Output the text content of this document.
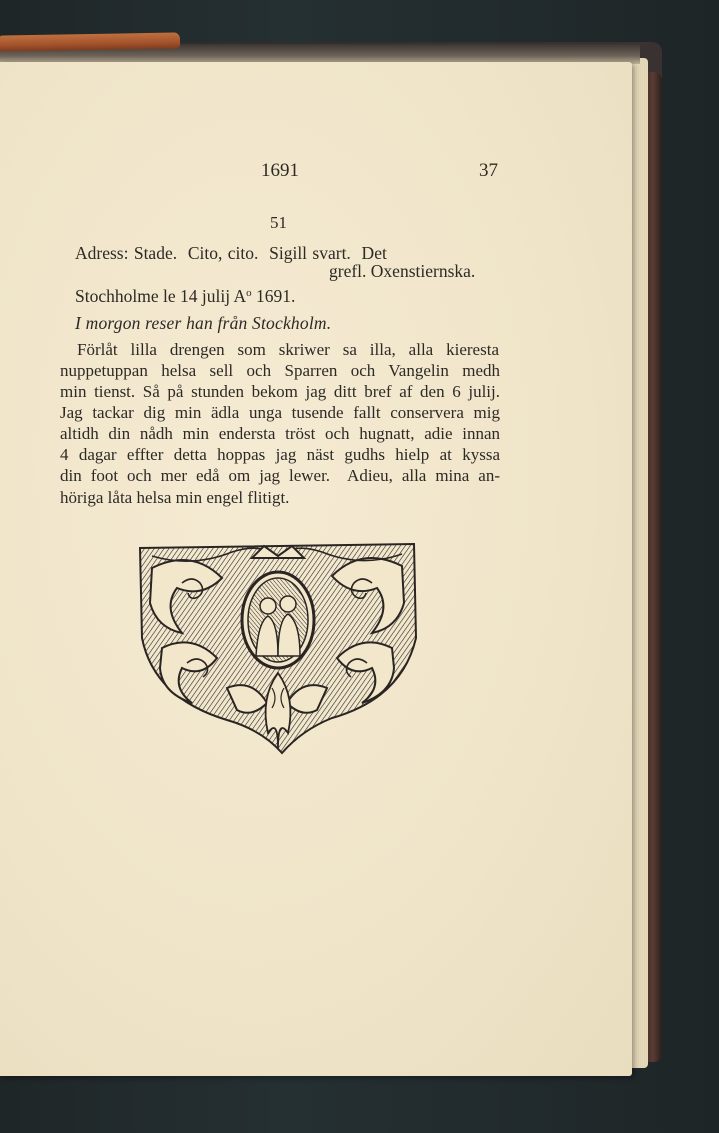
1691	37
51
Adress: Stade.  Cito, cito.  Sigill svart.  Det
grefl. Oxenstiernska.
Stochholme le 14 julij $A^o$ 1691.
I morgon reser han från Stockholm.
Förlåt lilla drengen som skriwer sa illa, alla kieresta
nuppetuppan helsa sell och Sparren och Vangelin medh
min tienst. Så på stunden bekom jag ditt bref af den 6 julij.
Jag tackar dig min ädla unga tusende fallt conservera mig
altidh din nådh min endersta tröst och hugnatt, adie innan
4 dagar effter detta hoppas jag näst gudhs hielp at kyssa
din foot och mer edå om jag lewer.  Adieu, alla mina an-
höriga låta helsa min engel flitigt.
